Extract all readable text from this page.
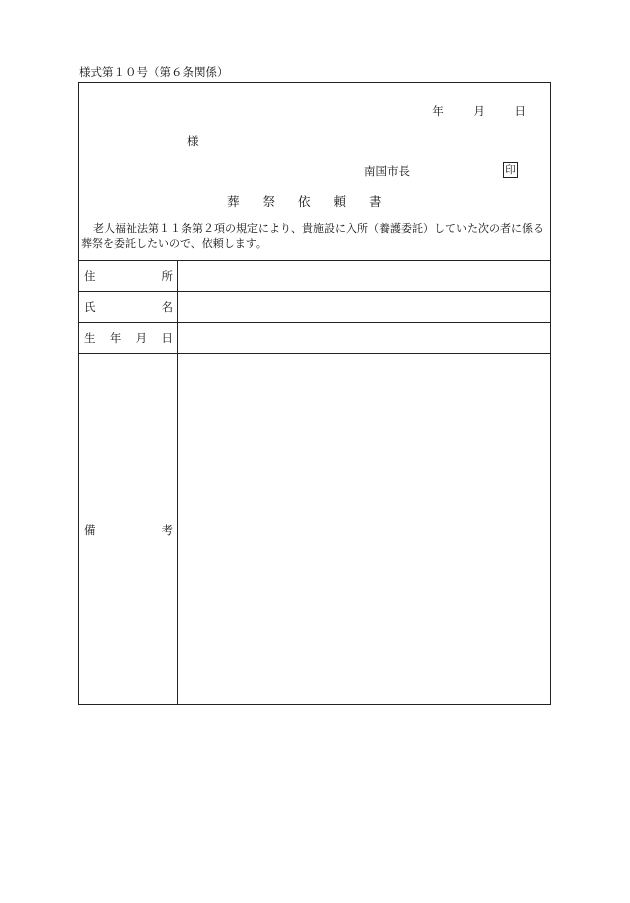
様式第１０号（第６条関係）
年	月	日
様
南国市長	印
葬祭依頼書
老人福祉法第１１条第２項の規定により、貴施設に入所（養護委託）していた次の者に係る葬祭を委託したいので、依頼します。
住	所
氏	名
生 年 月 日
備	考
